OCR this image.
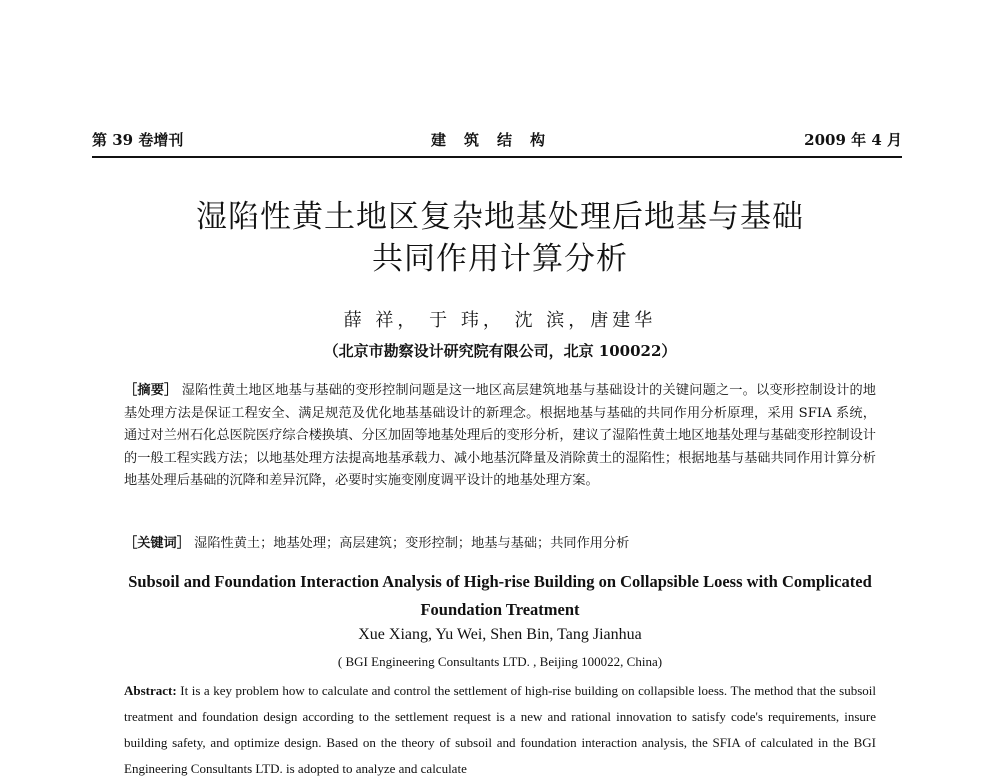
第 39 卷增刊	建筑结构	2009 年 4 月
湿陷性黄土地区复杂地基处理后地基与基础
共同作用计算分析
薛 祥， 于 玮， 沈 滨，唐建华
（北京市勘察设计研究院有限公司，北京 100022）
［摘要］ 湿陷性黄土地区地基与基础的变形控制问题是这一地区高层建筑地基与基础设计的关键问题之一。以变形控制设计的地基处理方法是保证工程安全、满足规范及优化地基基础设计的新理念。根据地基与基础的共同作用分析原理，采用 SFIA 系统，通过对兰州石化总医院医疗综合楼换填、分区加固等地基处理后的变形分析，建议了湿陷性黄土地区地基处理与基础变形控制设计的一般工程实践方法；以地基处理方法提高地基承载力、减小地基沉降量及消除黄土的湿陷性；根据地基与基础共同作用计算分析地基处理后基础的沉降和差异沉降，必要时实施变刚度调平设计的地基处理方案。
［关键词］ 湿陷性黄土；地基处理；高层建筑；变形控制；地基与基础；共同作用分析
Subsoil and Foundation Interaction Analysis of High-rise Building on Collapsible Loess with Complicated Foundation Treatment
Xue Xiang, Yu Wei, Shen Bin, Tang Jianhua
( BGI Engineering Consultants LTD. , Beijing 100022, China)
Abstract: It is a key problem how to calculate and control the settlement of high-rise building on collapsible loess. The method that the subsoil treatment and foundation design according to the settlement request is a new and rational innovation to satisfy code's requirements, insure building safety, and optimize design. Based on the theory of subsoil and foundation interaction analysis, the SFIA of calculated in the BGI Engineering Consultants LTD. is adopted to analyze and calculate
